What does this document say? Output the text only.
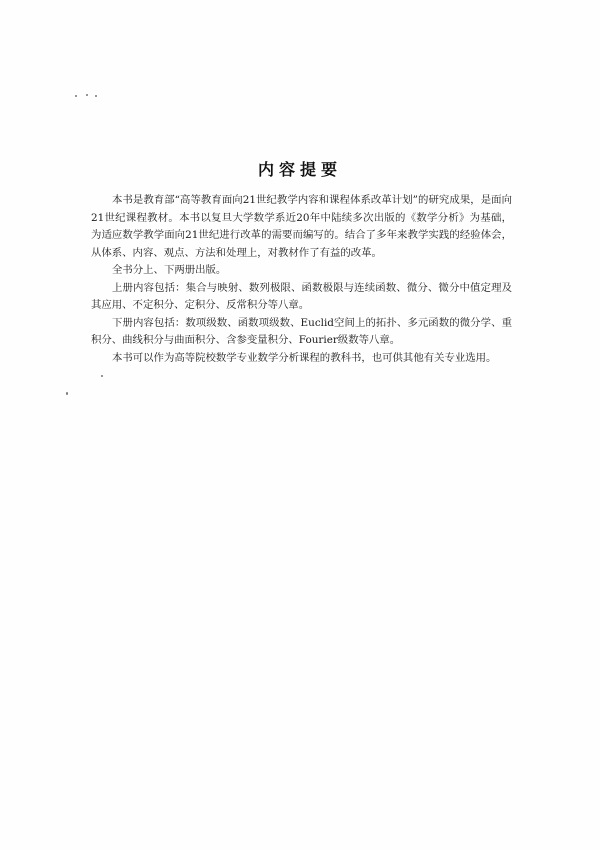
内容提要

本书是教育部“高等教育面向21世纪教学内容和课程体系改革计划”的研究成果，是面向21世纪课程教材。本书以复旦大学数学系近20年中陆续多次出版的《数学分析》为基础，为适应数学教学面向21世纪进行改革的需要而编写的。结合了多年来教学实践的经验体会，从体系、内容、观点、方法和处理上，对教材作了有益的改革。

全书分上、下两册出版。

上册内容包括：集合与映射、数列极限、函数极限与连续函数、微分、微分中值定理及其应用、不定积分、定积分、反常积分等八章。

下册内容包括：数项级数、函数项级数、Euclid空间上的拓扑、多元函数的微分学、重积分、曲线积分与曲面积分、含参变量积分、Fourier级数等八章。

本书可以作为高等院校数学专业数学分析课程的教科书，也可供其他有关专业选用。
